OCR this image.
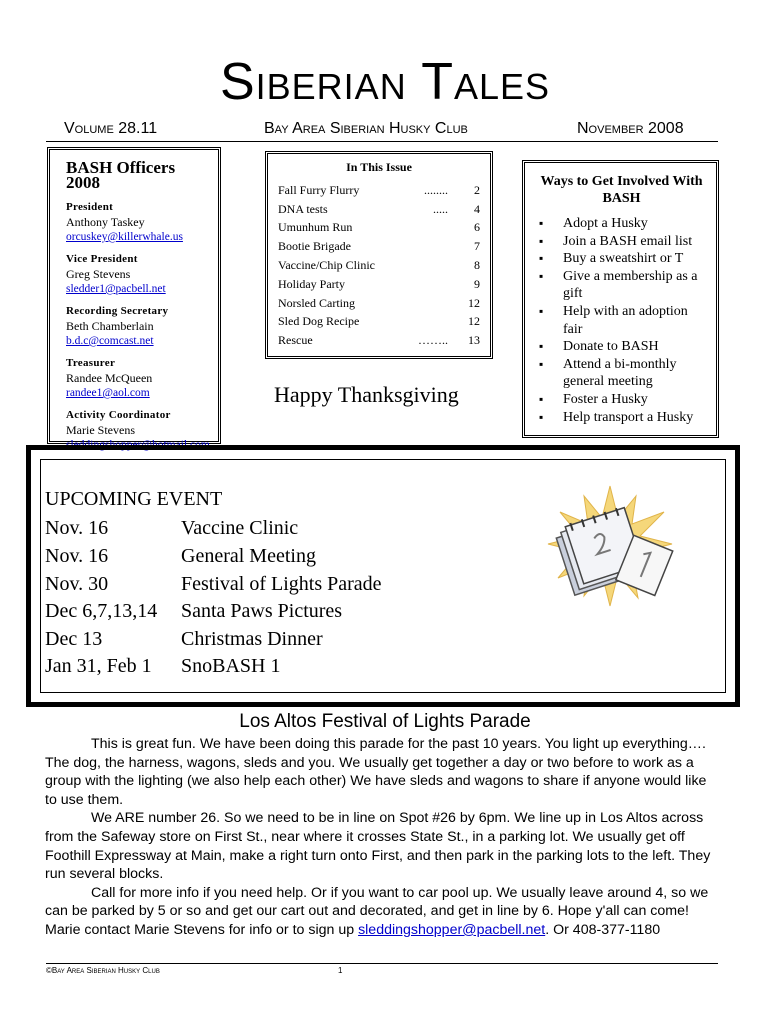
Siberian Tales
Volume 28.11	Bay Area Siberian Husky Club	November 2008
BASH Officers 2008
President
Anthony Taskey
orcuskey@killerwhale.us
Vice President
Greg Stevens
sledder1@pacbell.net
Recording Secretary
Beth Chamberlain
b.d.c@comcast.net
Treasurer
Randee McQueen
randee1@aol.com
Activity Coordinator
Marie Stevens
sleddingshopper@hotmail.com
In This Issue
Fall Furry Flurry	........	2
DNA tests	.....	4
Umunhum Run	6
Bootie Brigade	7
Vaccine/Chip Clinic	8
Holiday Party	9
Norsled Carting	12
Sled Dog Recipe	12
Rescue	……..	13
Happy Thanksgiving
Ways to Get Involved With BASH
▪ Adopt a Husky
▪ Join a BASH email list
▪ Buy a sweatshirt or T
▪ Give a membership as a gift
▪ Help with an adoption fair
▪ Donate to BASH
▪ Attend a bi-monthly general meeting
▪ Foster a Husky
▪ Help transport a Husky
UPCOMING EVENT
Nov. 16	Vaccine Clinic
Nov. 16	General Meeting
Nov. 30	Festival of Lights Parade
Dec 6,7,13,14 Santa Paws Pictures
Dec 13	Christmas Dinner
Jan 31, Feb 1 SnoBASH 1
Los Altos Festival of Lights Parade

This is great fun. We have been doing this parade for the past 10 years. You light up everything…. The dog, the harness, wagons, sleds and you. We usually get together a day or two before to work as a group with the lighting (we also help each other) We have sleds and wagons to share if anyone would like to use them.

We ARE number 26. So we need to be in line on Spot #26 by 6pm. We line up in Los Altos across from the Safeway store on First St., near where it crosses State St., in a parking lot. We usually get off Foothill Expressway at Main, make a right turn onto First, and then park in the parking lots to the left. They run several blocks.

Call for more info if you need help. Or if you want to car pool up. We usually leave around 4, so we can be parked by 5 or so and get our cart out and decorated, and get in line by 6. Hope y'all can come! Marie contact Marie Stevens for info or to sign up sleddingshopper@pacbell.net. Or 408-377-1180

©Bay Area Siberian Husky Club	1
